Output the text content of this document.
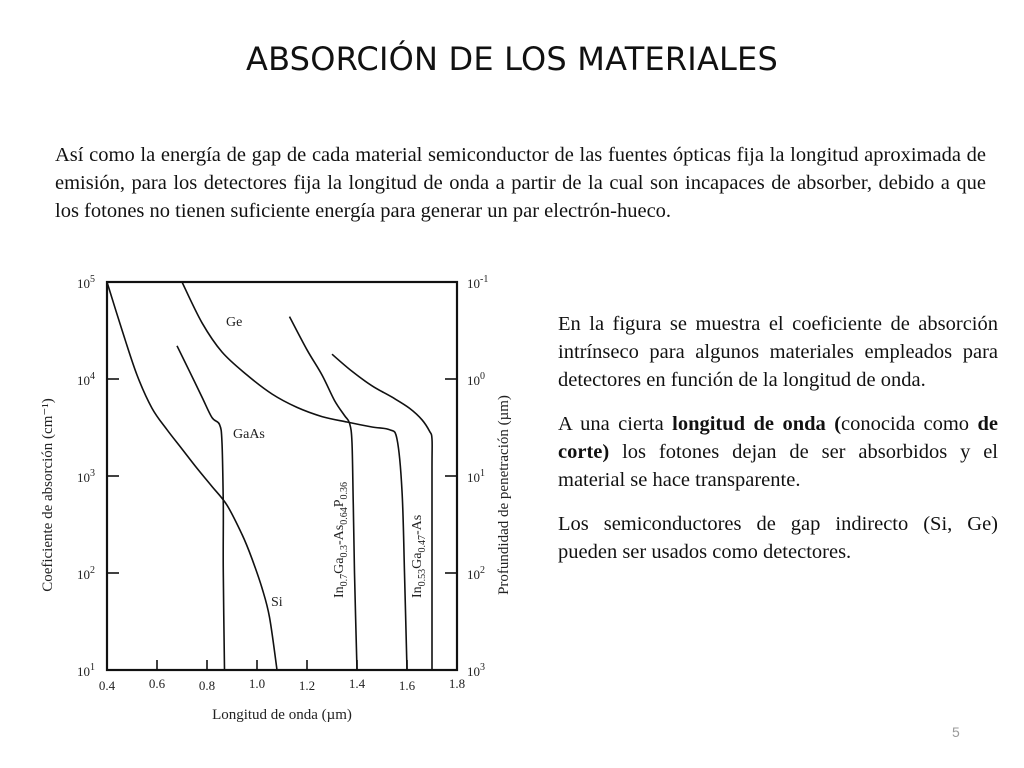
ABSORCIÓN DE LOS MATERIALES

Así como la energía de gap de cada material semiconductor de las fuentes ópticas fija la longitud aproximada de emisión, para los detectores fija la longitud de onda a partir de la cual son incapaces de absorber, debido a que los fotones no tienen suficiente energía para generar un par electrón-hueco.

En la figura se muestra el coeficiente de absorción intrínseco para algunos materiales empleados para detectores en función de la longitud de onda.

A una cierta longitud de onda (conocida como de corte) los fotones dejan de ser absorbidos y el material se hace transparente.

Los semiconductores de gap indirecto (Si, Ge) pueden ser usados como detectores.

0.4	0.6	0.8	1.0	1.2	1.4	1.6	1.8
$10^5$
$10^4$
$10^3$
$10^2$
$10^1$
$10^{-1}$
$10^0$
$10^1$
$10^2$
$10^3$
Si
Ge
GaAs
$In_{0.7}Ga_{0.3}-As_{0.64}P_{0.36}$
$In_{0.53}Ga_{0.47}-As$
Longitud de onda (µm)
Coeficiente de absorción (cm⁻¹)	Profundidad de penetración (µm)
5
